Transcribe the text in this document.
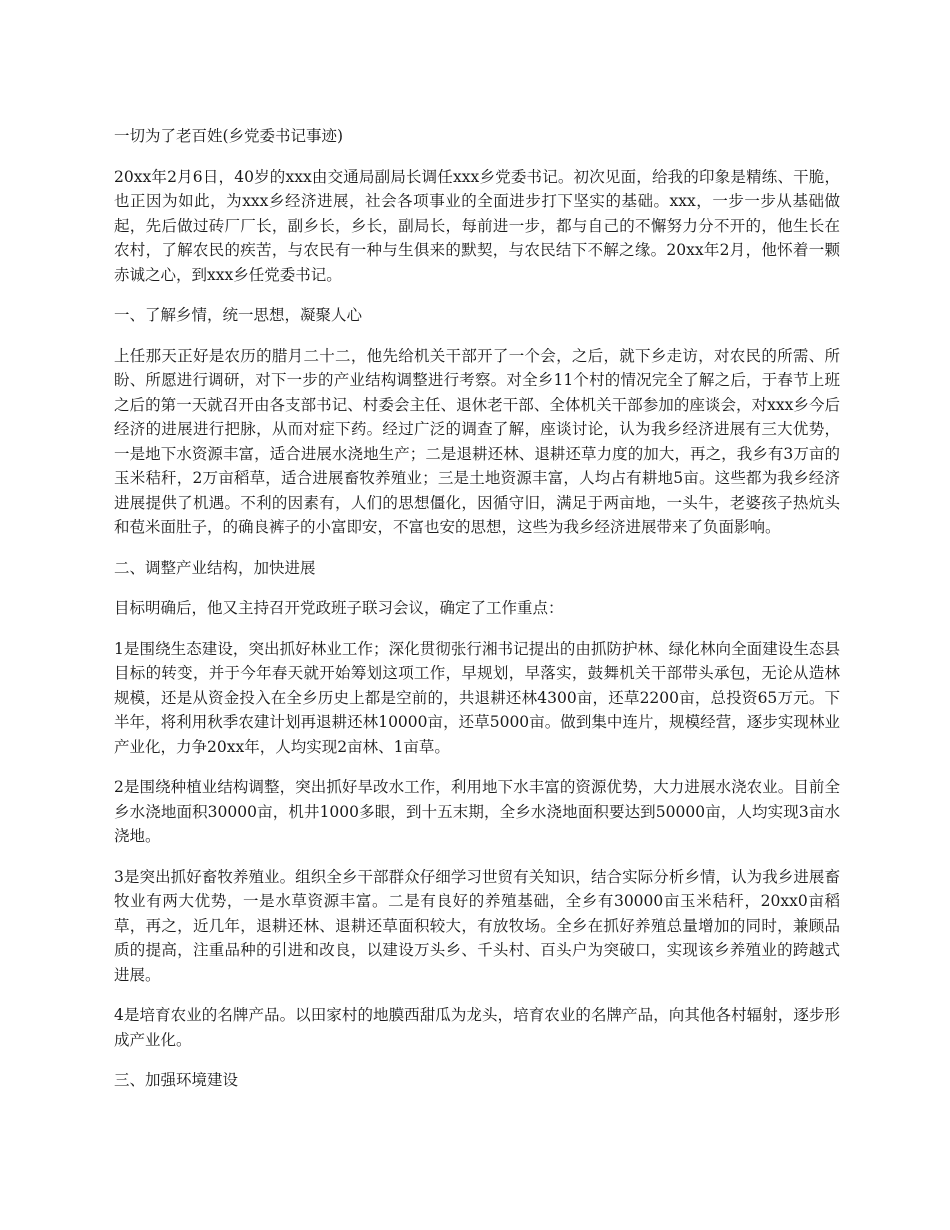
一切为了老百姓(乡党委书记事迹)

20xx年2月6日，40岁的xxx由交通局副局长调任xxx乡党委书记。初次见面，给我的印象是精练、干脆，也正因为如此，为xxx乡经济进展，社会各项事业的全面进步打下坚实的基础。xxx，一步一步从基础做起，先后做过砖厂厂长，副乡长，乡长，副局长，每前进一步，都与自己的不懈努力分不开的，他生长在农村，了解农民的疾苦，与农民有一种与生俱来的默契，与农民结下不解之缘。20xx年2月，他怀着一颗赤诚之心，到xxx乡任党委书记。

一、了解乡情，统一思想，凝聚人心

上任那天正好是农历的腊月二十二，他先给机关干部开了一个会，之后，就下乡走访，对农民的所需、所盼、所愿进行调研，对下一步的产业结构调整进行考察。对全乡11个村的情况完全了解之后，于春节上班之后的第一天就召开由各支部书记、村委会主任、退休老干部、全体机关干部参加的座谈会，对xxx乡今后经济的进展进行把脉，从而对症下药。经过广泛的调查了解，座谈讨论，认为我乡经济进展有三大优势，一是地下水资源丰富，适合进展水浇地生产；二是退耕还林、退耕还草力度的加大，再之，我乡有3万亩的玉米秸秆，2万亩稻草，适合进展畜牧养殖业；三是土地资源丰富，人均占有耕地5亩。这些都为我乡经济进展提供了机遇。不利的因素有，人们的思想僵化，因循守旧，满足于两亩地，一头牛，老婆孩子热炕头和苞米面肚子，的确良裤子的小富即安，不富也安的思想，这些为我乡经济进展带来了负面影响。

二、调整产业结构，加快进展

目标明确后，他又主持召开党政班子联习会议，确定了工作重点：

1是围绕生态建设，突出抓好林业工作；深化贯彻张行湘书记提出的由抓防护林、绿化林向全面建设生态县目标的转变，并于今年春天就开始筹划这项工作，早规划，早落实，鼓舞机关干部带头承包，无论从造林规模，还是从资金投入在全乡历史上都是空前的，共退耕还林4300亩，还草2200亩，总投资65万元。下半年，将利用秋季农建计划再退耕还林10000亩，还草5000亩。做到集中连片，规模经营，逐步实现林业产业化，力争20xx年，人均实现2亩林、1亩草。

2是围绕种植业结构调整，突出抓好旱改水工作，利用地下水丰富的资源优势，大力进展水浇农业。目前全乡水浇地面积30000亩，机井1000多眼，到十五末期，全乡水浇地面积要达到50000亩，人均实现3亩水浇地。

3是突出抓好畜牧养殖业。组织全乡干部群众仔细学习世贸有关知识，结合实际分析乡情，认为我乡进展畜牧业有两大优势，一是水草资源丰富。二是有良好的养殖基础，全乡有30000亩玉米秸秆，20xx0亩稻草，再之，近几年，退耕还林、退耕还草面积较大，有放牧场。全乡在抓好养殖总量增加的同时，兼顾品质的提高，注重品种的引进和改良，以建设万头乡、千头村、百头户为突破口，实现该乡养殖业的跨越式进展。

4是培育农业的名牌产品。以田家村的地膜西甜瓜为龙头，培育农业的名牌产品，向其他各村辐射，逐步形成产业化。

三、加强环境建设
